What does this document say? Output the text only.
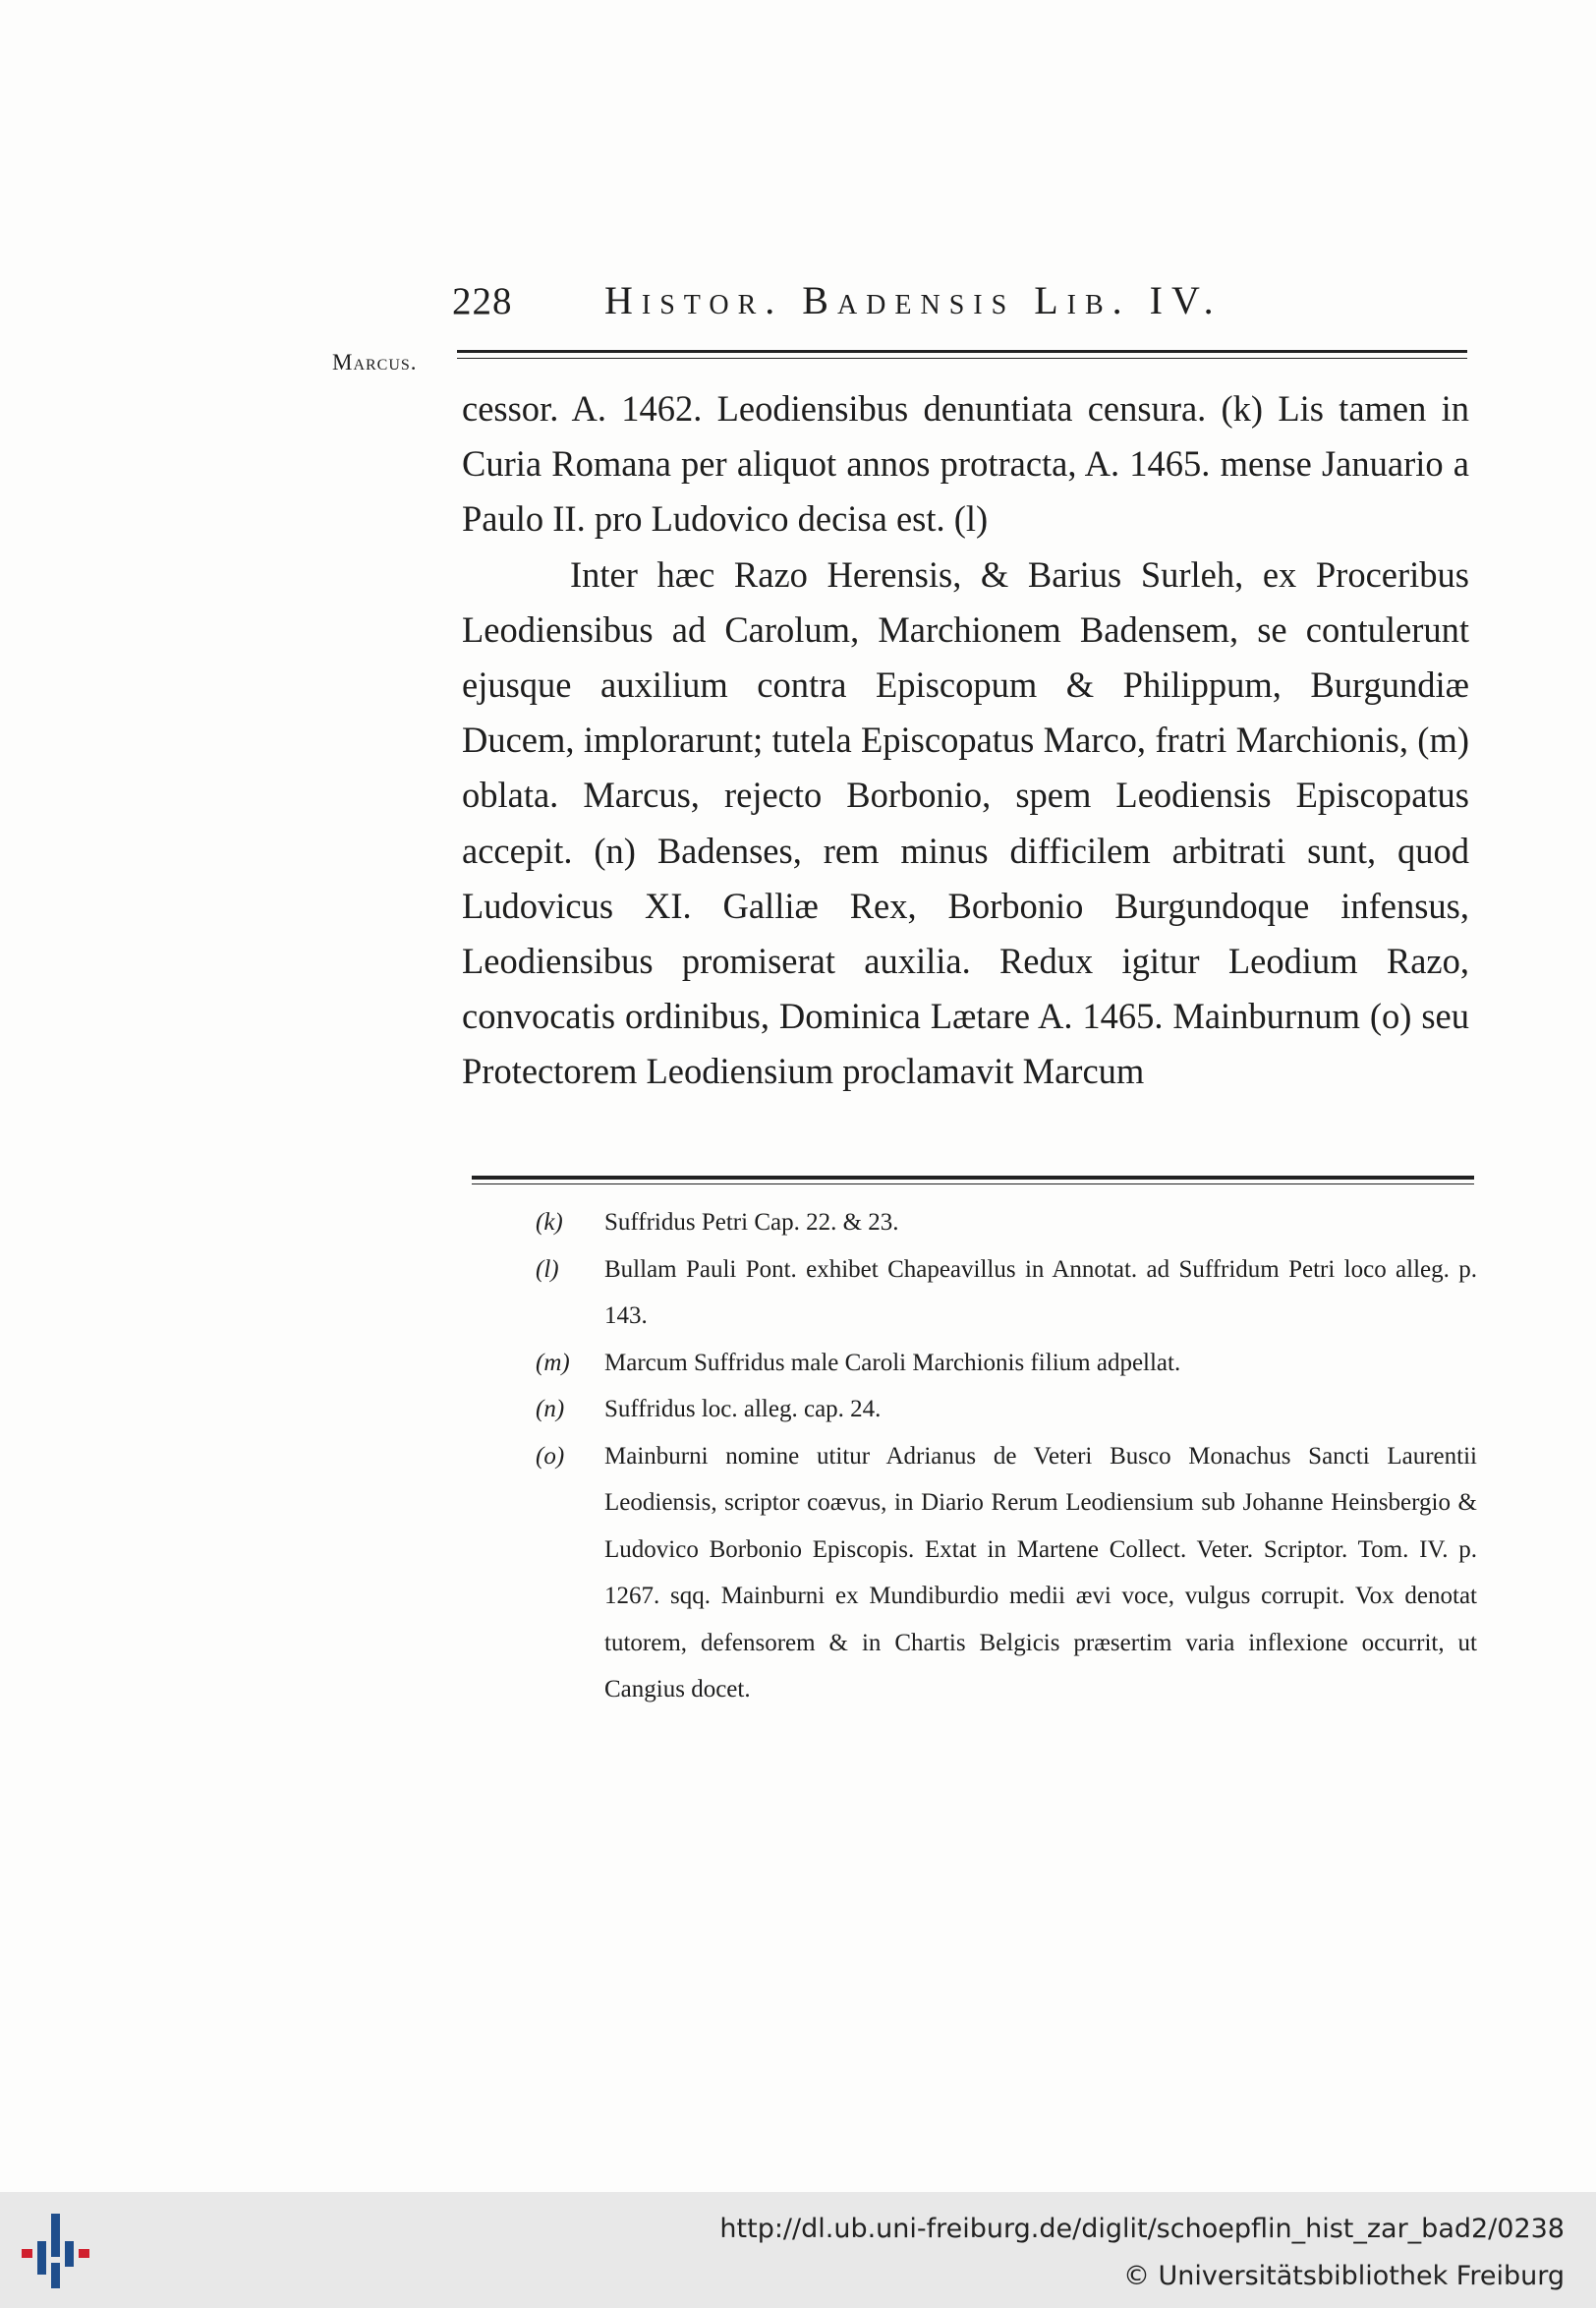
228 Histor. Badensis Lib. IV.
Marcus.

cessor. A. 1462. Leodiensibus denuntiata censura. (k) Lis tamen in Curia Romana per aliquot annos protracta, A. 1465. mense Januario a Paulo II. pro Ludovico decisa est. (l)

Inter hæc Razo Herensis, & Barius Surleh, ex Proceribus Leodiensibus ad Carolum, Marchionem Badensem, se contulerunt ejusque auxilium contra Episcopum & Philippum, Burgundiæ Ducem, implorarunt; tutela Episcopatus Marco, fratri Marchionis, (m) oblata. Marcus, rejecto Borbonio, spem Leodiensis Episcopatus accepit. (n) Badenses, rem minus difficilem arbitrati sunt, quod Ludovicus XI. Galliæ Rex, Borbonio Burgundoque infensus, Leodiensibus promiserat auxilia. Redux igitur Leodium Razo, convocatis ordinibus, Dominica Lætare A. 1465. Mainburnum (o) seu Protectorem Leodiensium proclamavit Marcum

(k) Suffridus Petri Cap. 22. & 23.
(l) Bullam Pauli Pont. exhibet Chapeavillus in Annotat. ad Suffridum Petri loco alleg. p. 143.
(m) Marcum Suffridus male Caroli Marchionis filium adpellat.
(n) Suffridus loc. alleg. cap. 24.
(o) Mainburni nomine utitur Adrianus de Veteri Busco Monachus Sancti Laurentii Leodiensis, scriptor coævus, in Diario Rerum Leodiensium sub Johanne Heinsbergio & Ludovico Borbonio Episcopis. Extat in Martene Collect. Veter. Scriptor. Tom. IV. p. 1267. sqq. Mainburni ex Mundiburdio medii ævi voce, vulgus corrupit. Vox denotat tutorem, defensorem & in Chartis Belgicis præsertim varia inflexione occurrit, ut Cangius docet.
http://dl.ub.uni-freiburg.de/diglit/schoepflin_hist_zar_bad2/0238
© Universitätsbibliothek Freiburg
